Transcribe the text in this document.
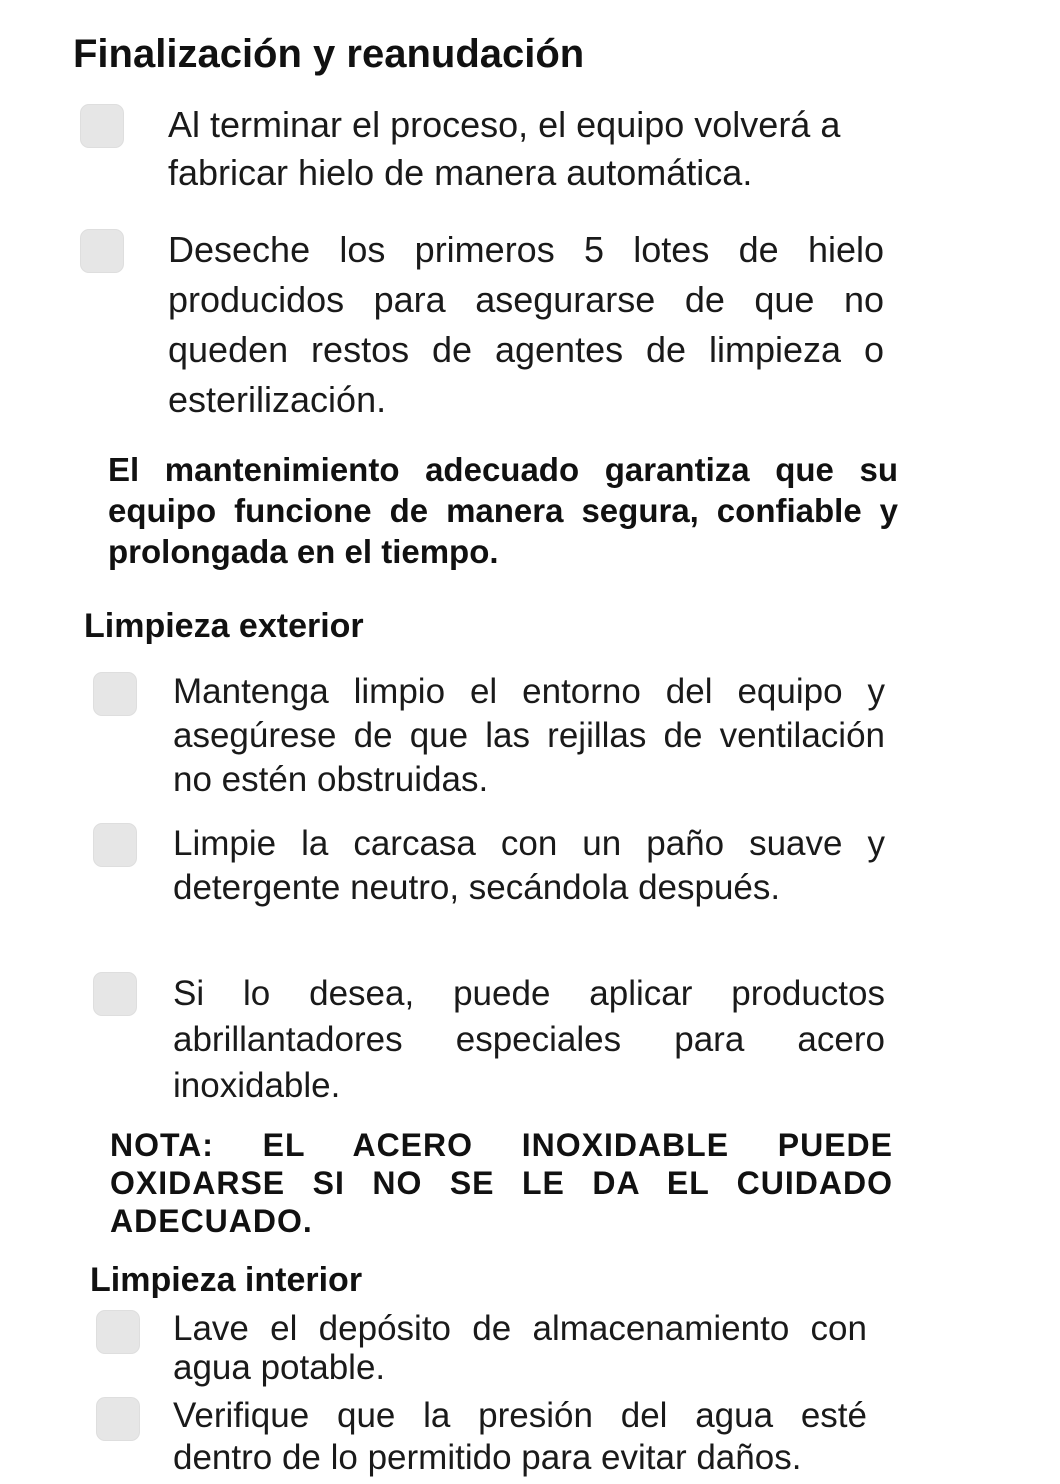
Finalización y reanudación

Al terminar el proceso, el equipo volverá a fabricar hielo de manera automática.

Deseche los primeros 5 lotes de hielo producidos para asegurarse de que no queden restos de agentes de limpieza o esterilización.

El mantenimiento adecuado garantiza que su equipo funcione de manera segura, confiable y prolongada en el tiempo.

Limpieza exterior

Mantenga limpio el entorno del equipo y asegúrese de que las rejillas de ventilación no estén obstruidas.

Limpie la carcasa con un paño suave y detergente neutro, secándola después.

Si lo desea, puede aplicar productos abrillantadores especiales para acero inoxidable.

NOTA: EL ACERO INOXIDABLE PUEDE OXIDARSE SI NO SE LE DA EL CUIDADO ADECUADO.

Limpieza interior

Lave el depósito de almacenamiento con agua potable.

Verifique que la presión del agua esté dentro de lo permitido para evitar daños.
